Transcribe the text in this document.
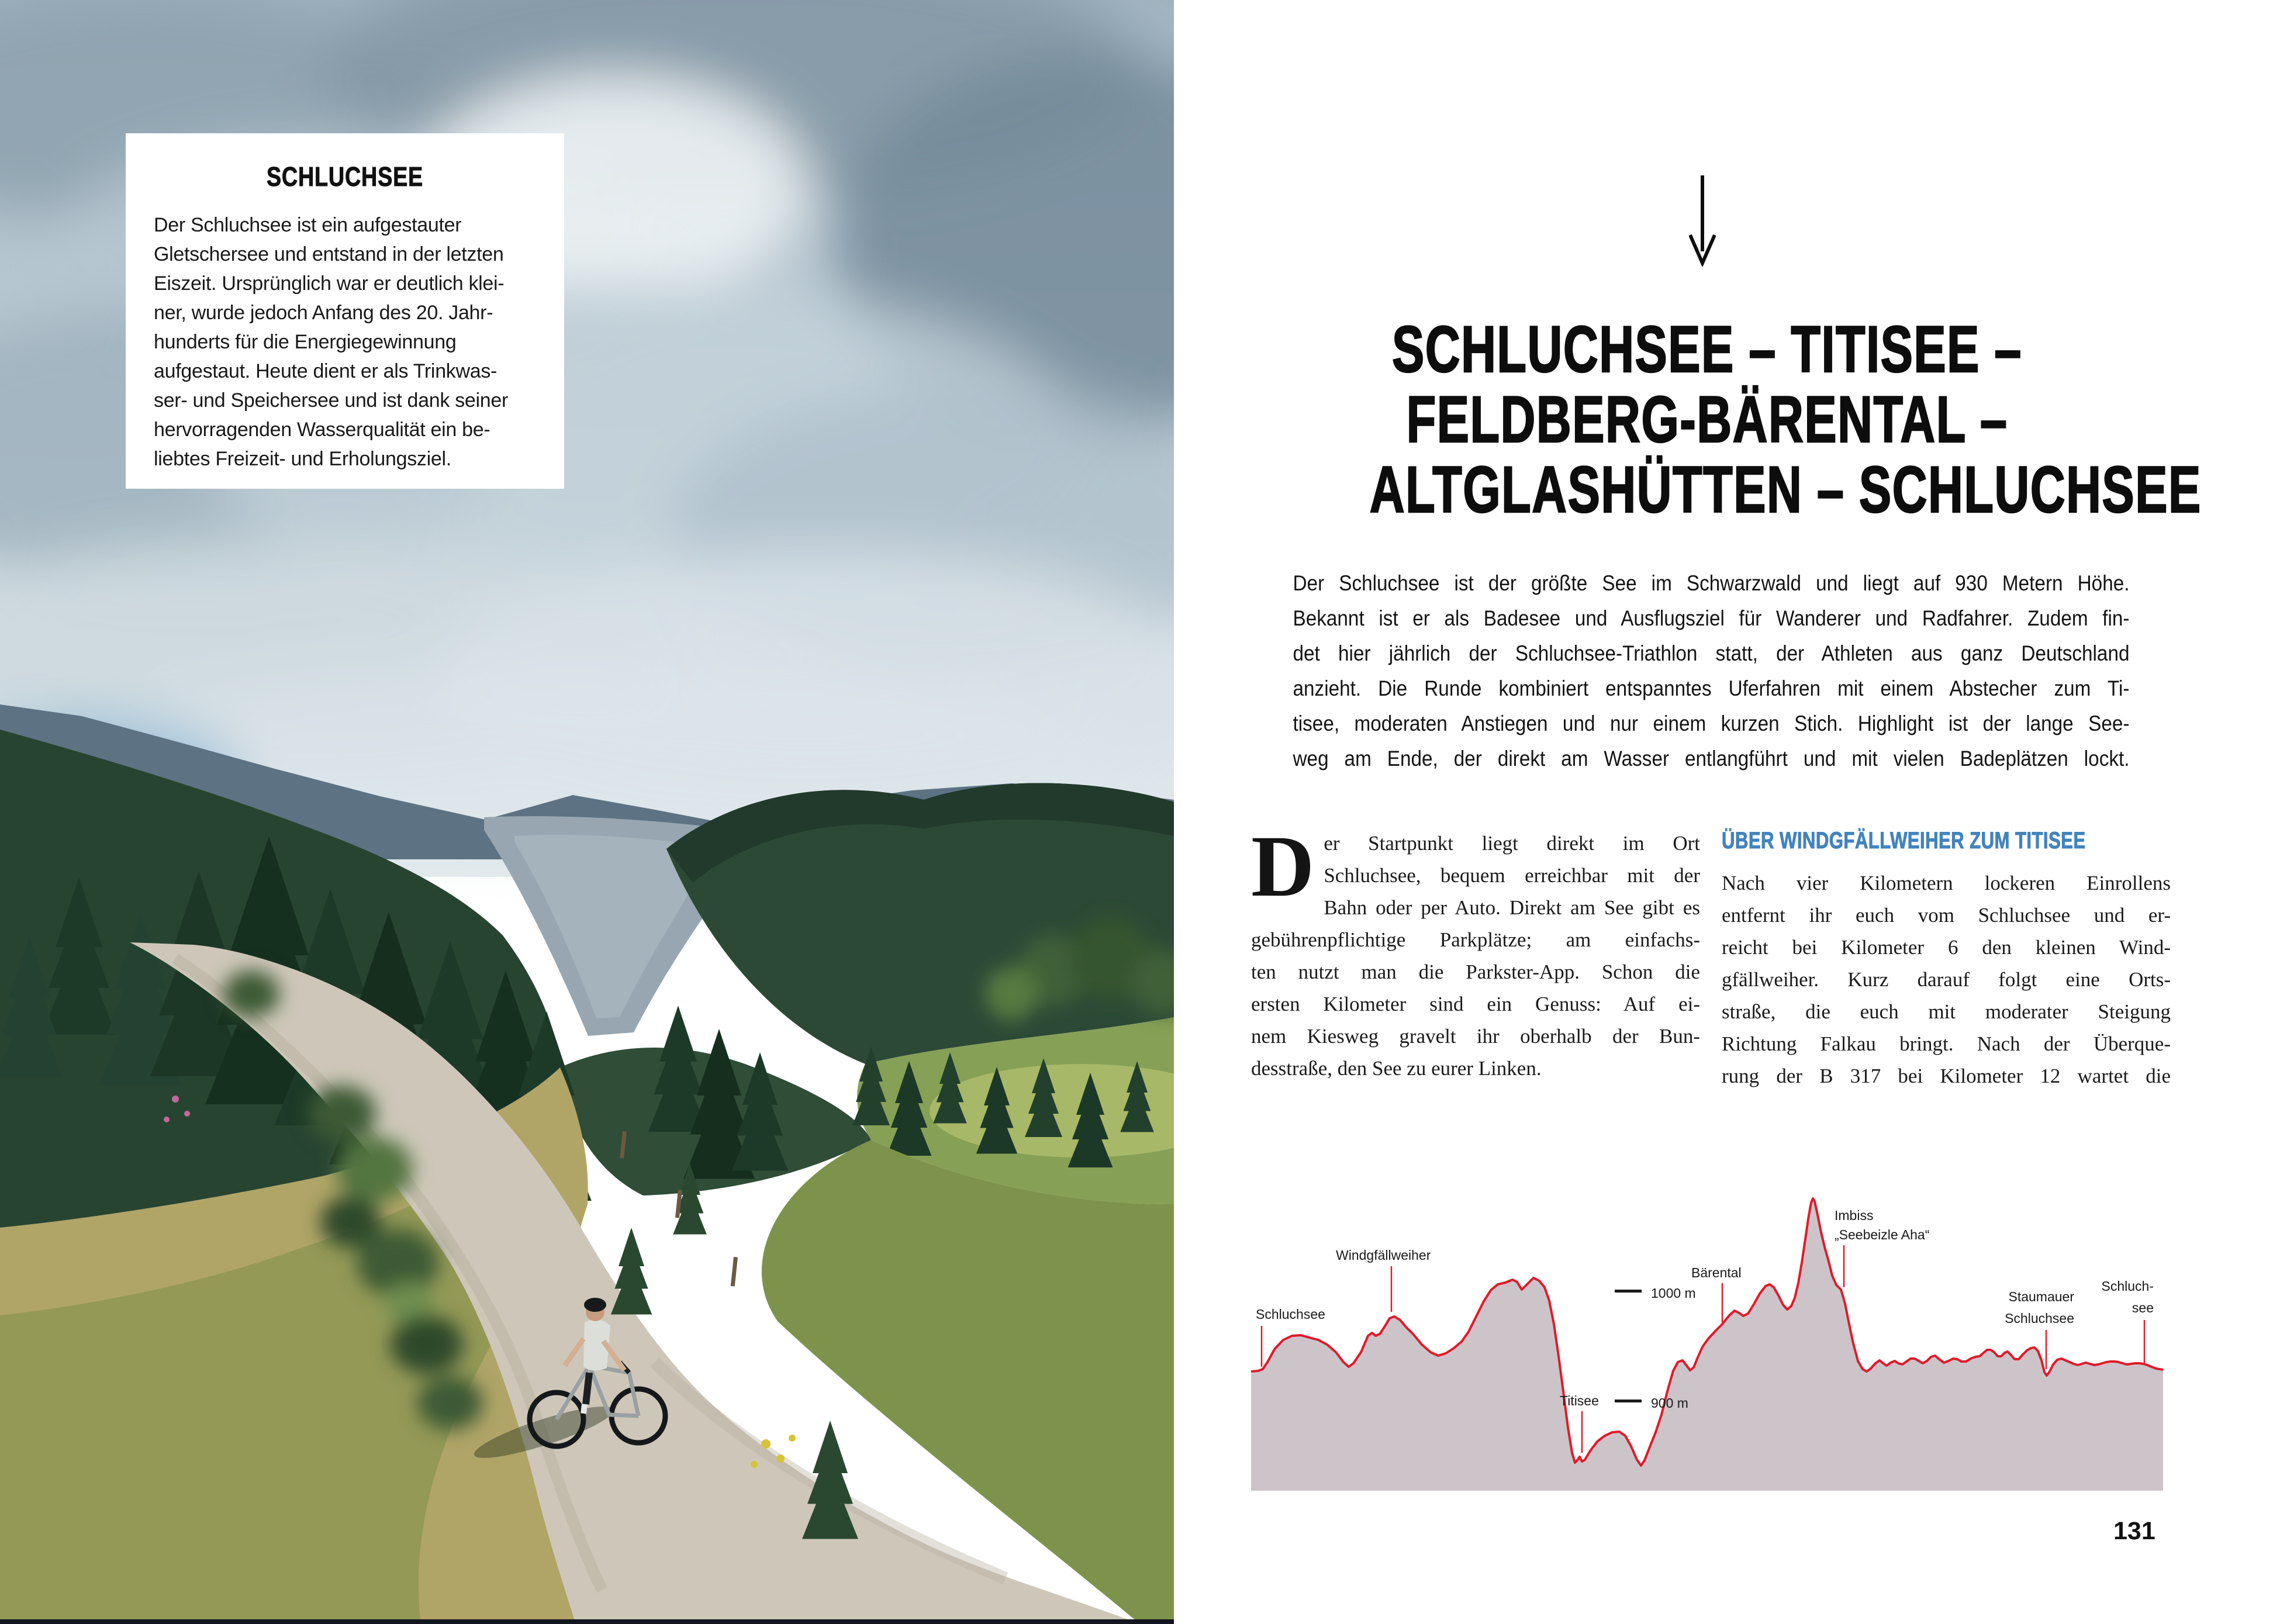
SCHLUCHSEE
Der Schluchsee ist ein aufgestauter
Gletschersee und entstand in der letzten
Eiszeit. Ursprünglich war er deutlich klei-
ner, wurde jedoch Anfang des 20. Jahr-
hunderts für die Energiegewinnung
aufgestaut. Heute dient er als Trinkwas-
ser- und Speichersee und ist dank seiner
hervorragenden Wasserqualität ein be-
liebtes Freizeit- und Erholungsziel.
SCHLUCHSEE – TITISEE –
FELDBERG-BÄRENTAL –
ALTGLASHÜTTEN – SCHLUCHSEE
Der Schluchsee ist der größte See im Schwarzwald und liegt auf 930 Metern Höhe.
Bekannt ist er als Badesee und Ausflugsziel für Wanderer und Radfahrer. Zudem fin-
det hier jährlich der Schluchsee-Triathlon statt, der Athleten aus ganz Deutschland
anzieht. Die Runde kombiniert entspanntes Uferfahren mit einem Abstecher zum Ti-
tisee, moderaten Anstiegen und nur einem kurzen Stich. Highlight ist der lange See-
weg am Ende, der direkt am Wasser entlangführt und mit vielen Badeplätzen lockt.
D er Startpunkt liegt direkt im Ort
Schluchsee, bequem erreichbar mit der
Bahn oder per Auto. Direkt am See gibt es
gebührenpflichtige Parkplätze; am einfachs-
ten nutzt man die Parkster-App. Schon die
ersten Kilometer sind ein Genuss: Auf ei-
nem Kiesweg gravelt ihr oberhalb der Bun-
desstraße, den See zu eurer Linken.
ÜBER WINDGFÄLLWEIHER ZUM TITISEE
Nach vier Kilometern lockeren Einrollens
entfernt ihr euch vom Schluchsee und er-
reicht bei Kilometer 6 den kleinen Wind-
gfällweiher. Kurz darauf folgt eine Orts-
straße, die euch mit moderater Steigung
Richtung Falkau bringt. Nach der Überque-
rung der B 317 bei Kilometer 12 wartet die
Schluchsee
Windgfällweiher
Titisee
Bärental
Imbiss „Seebeizle Aha“
Staumauer Schluchsee
Schluch-see
1000 m
900 m
131
